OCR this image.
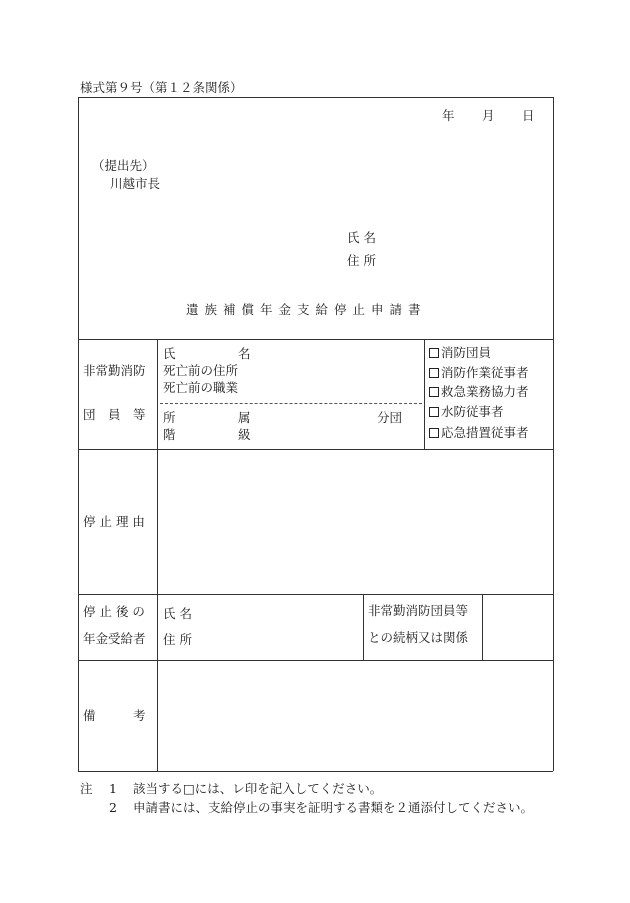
様式第９号（第１２条関係）
年 月 日
（提出先）
川越市長
氏 名
住 所
遺族補償年金支給停止申請書
非常勤消防
団　員　等
氏　　　　　名
死亡前の住所
死亡前の職業
所　　　　　属	分団
階　　　　　級
消防団員
消防作業従事者
救急業務協力者
水防従事者
応急措置従事者
停 止 理 由
停 止 後 の
年金受給者
氏 名
住 所
非常勤消防団員等
との続柄又は関係
備　　　考
注 1 該当する□には、レ印を記入してください。
2 申請書には、支給停止の事実を証明する書類を２通添付してください。
